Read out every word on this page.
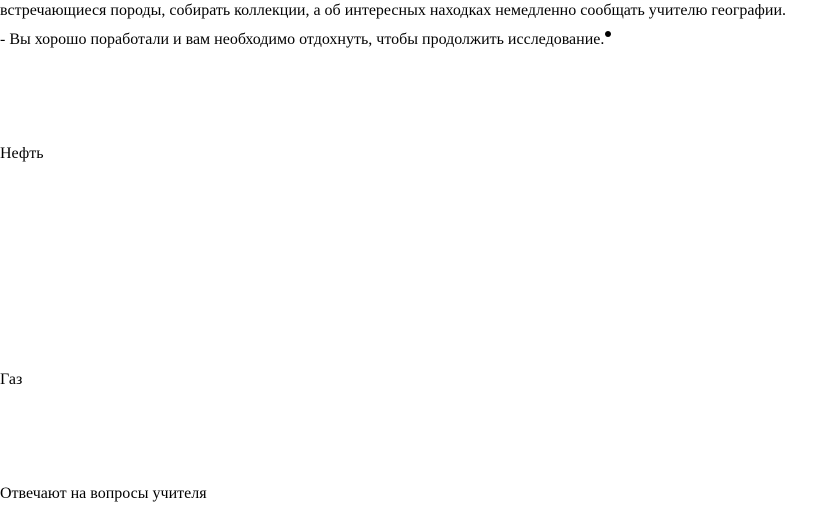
встречающиеся породы, собирать коллекции, а об интересных находках немедленно сообщать учителю географии.
- Вы хорошо поработали и вам необходимо отдохнуть, чтобы продолжить исследование.
Нефть
Газ
Отвечают на вопросы учителя
